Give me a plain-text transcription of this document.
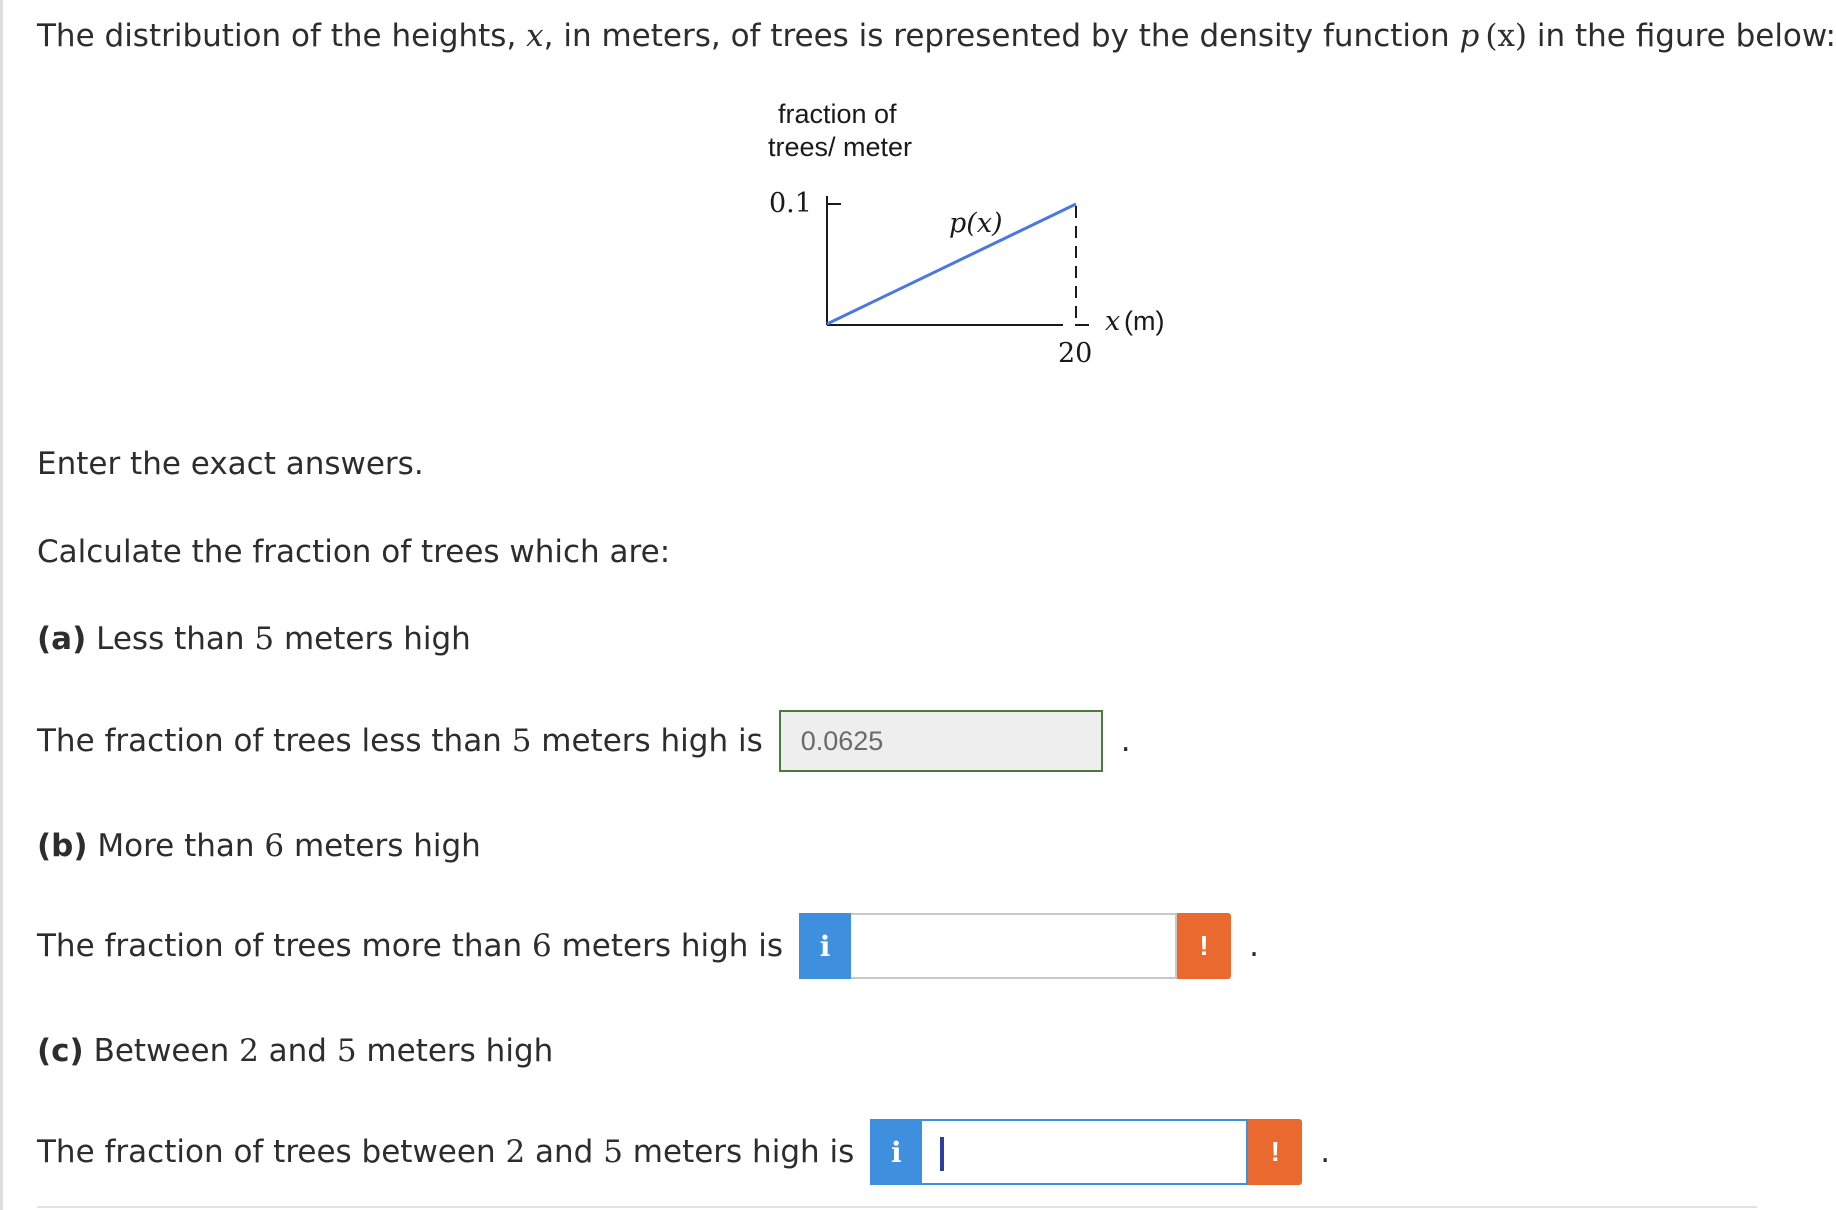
The distribution of the heights, x, in meters, of trees is represented by the density function p (x) in the figure below:
fraction of
trees/ meter
0.1
p(x)
20
x (m)
Enter the exact answers.
Calculate the fraction of trees which are:
(a) Less than 5 meters high
The fraction of trees less than 5 meters high is 0.0625	.
(b) More than 6 meters high
The fraction of trees more than 6 meters high is	i	!	.
(c) Between 2 and 5 meters high
The fraction of trees between 2 and 5 meters high is	i	!	.
